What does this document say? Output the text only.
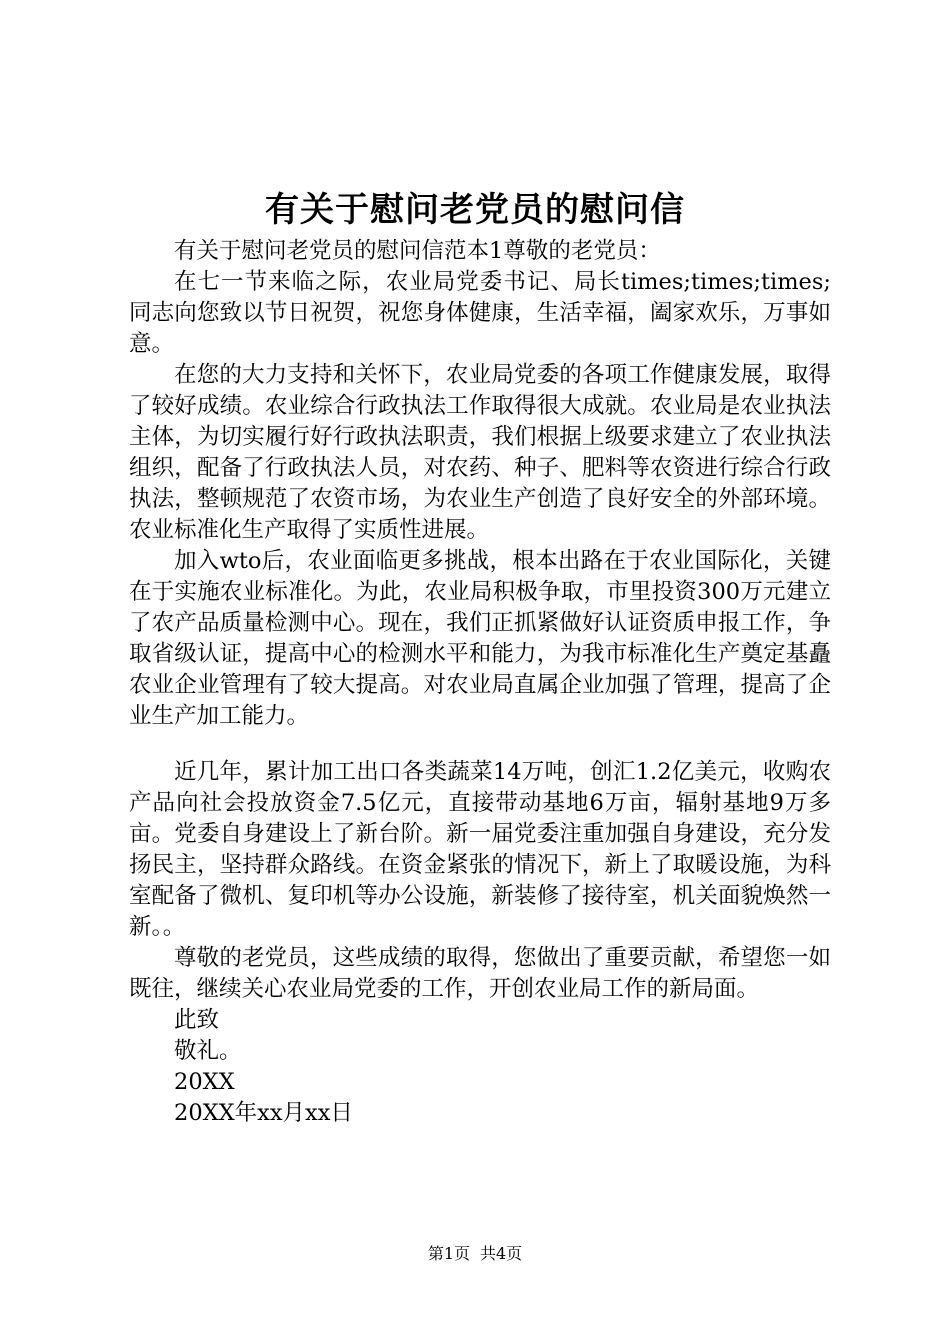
有关于慰问老党员的慰问信

有关于慰问老党员的慰问信范本1尊敬的老党员：

在七一节来临之际，农业局党委书记、局长times;times;times;同志向您致以节日祝贺，祝您身体健康，生活幸福，阖家欢乐，万事如意。

在您的大力支持和关怀下，农业局党委的各项工作健康发展，取得了较好成绩。农业综合行政执法工作取得很大成就。农业局是农业执法主体，为切实履行好行政执法职责，我们根据上级要求建立了农业执法组织，配备了行政执法人员，对农药、种子、肥料等农资进行综合行政执法，整顿规范了农资市场，为农业生产创造了良好安全的外部环境。农业标准化生产取得了实质性进展。

加入wto后，农业面临更多挑战，根本出路在于农业国际化，关键在于实施农业标准化。为此，农业局积极争取，市里投资300万元建立了农产品质量检测中心。现在，我们正抓紧做好认证资质申报工作，争取省级认证，提高中心的检测水平和能力，为我市标准化生产奠定基矗农业企业管理有了较大提高。对农业局直属企业加强了管理，提高了企业生产加工能力。

近几年，累计加工出口各类蔬菜14万吨，创汇1.2亿美元，收购农产品向社会投放资金7.5亿元，直接带动基地6万亩，辐射基地9万多亩。党委自身建设上了新台阶。新一届党委注重加强自身建设，充分发扬民主，坚持群众路线。在资金紧张的情况下，新上了取暖设施，为科室配备了微机、复印机等办公设施，新装修了接待室，机关面貌焕然一新。。

尊敬的老党员，这些成绩的取得，您做出了重要贡献，希望您一如既往，继续关心农业局党委的工作，开创农业局工作的新局面。

此致

敬礼。

20XX

20XX年xx月xx日

第1页 共4页
